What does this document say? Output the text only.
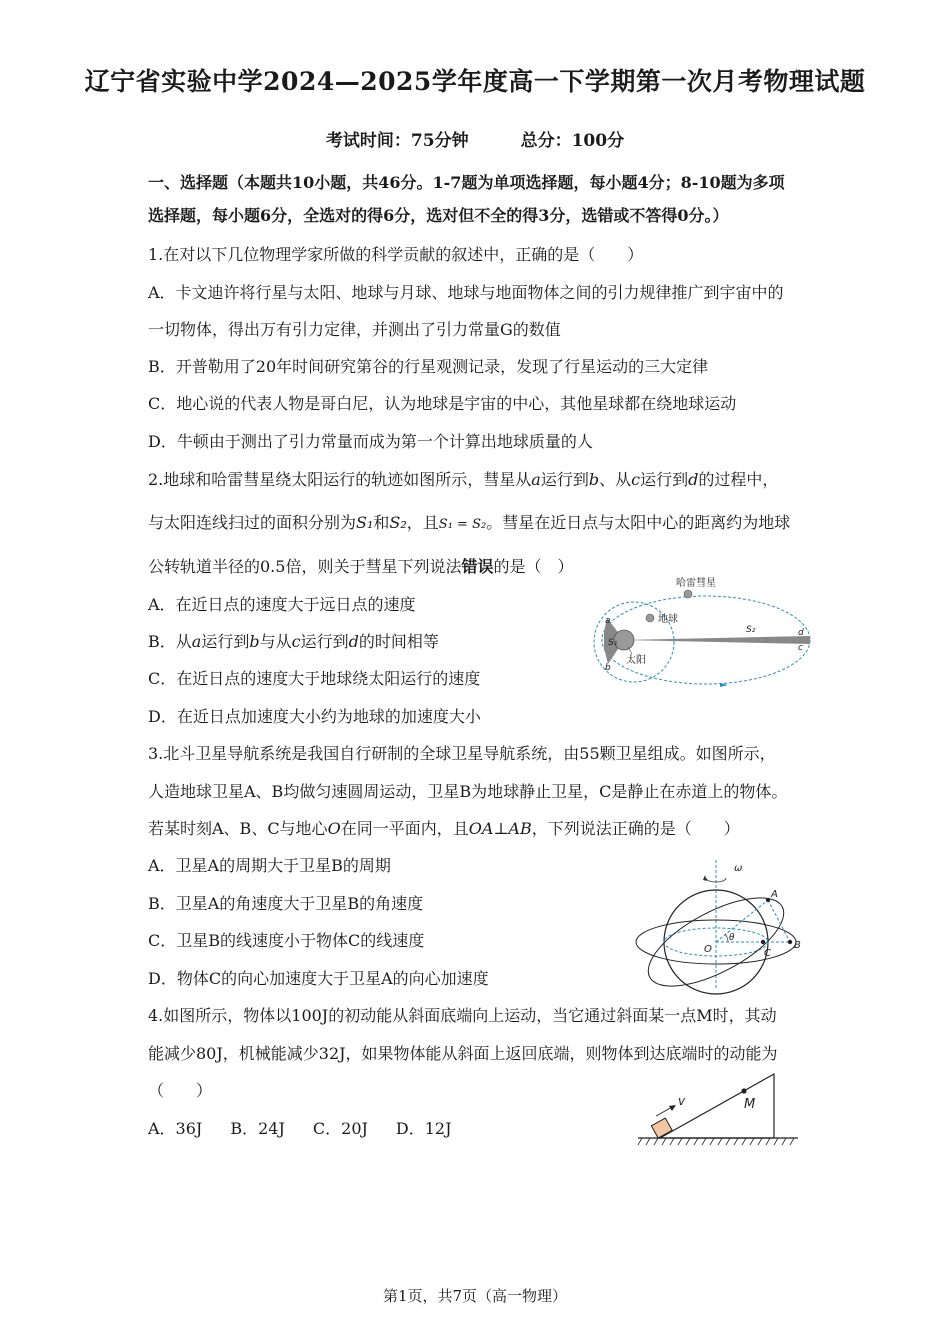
辽宁省实验中学2024—2025学年度高一下学期第一次月考物理试题
考试时间：75分钟	总分：100分
一、选择题（本题共10小题，共46分。1-7题为单项选择题，每小题4分；8-10题为多项
选择题，每小题6分，全选对的得6分，选对但不全的得3分，选错或不答得0分。）
1.在对以下几位物理学家所做的科学贡献的叙述中，正确的是（　　）
A．卡文迪许将行星与太阳、地球与月球、地球与地面物体之间的引力规律推广到宇宙中的
一切物体，得出万有引力定律，并测出了引力常量G的数值
B．开普勒用了20年时间研究第谷的行星观测记录，发现了行星运动的三大定律
C．地心说的代表人物是哥白尼，认为地球是宇宙的中心，其他星球都在绕地球运动
D．牛顿由于测出了引力常量而成为第一个计算出地球质量的人
2.地球和哈雷彗星绕太阳运行的轨迹如图所示，彗星从a运行到b、从c运行到d的过程中，
与太阳连线扫过的面积分别为S₁和S₂，且S₁ = S₂。彗星在近日点与太阳中心的距离约为地球
公转轨道半径的0.5倍，则关于彗星下列说法错误的是（　）
A．在近日点的速度大于远日点的速度
B．从a运行到b与从c运行到d的时间相等
C．在近日点的速度大于地球绕太阳运行的速度
D．在近日点加速度大小约为地球的加速度大小
哈雷彗星
地球
太阳
S₁
S₂
a
b
d
c
3.北斗卫星导航系统是我国自行研制的全球卫星导航系统，由55颗卫星组成。如图所示，
人造地球卫星A、B均做匀速圆周运动，卫星B为地球静止卫星，C是静止在赤道上的物体。
若某时刻A、B、C与地心O在同一平面内，且OA⊥AB，下列说法正确的是（　　）
A．卫星A的周期大于卫星B的周期
B．卫星A的角速度大于卫星B的角速度
C．卫星B的线速度小于物体C的线速度
D．物体C的向心加速度大于卫星A的向心加速度
ω
A
B
C
O
θ
4.如图所示，物体以100J的初动能从斜面底端向上运动，当它通过斜面某一点M时，其动
能减少80J，机械能减少32J，如果物体能从斜面上返回底端，则物体到达底端时的动能为
（　　）
A．36J B．24J C．20J D．12J
v	M
第1页，共7页（高一物理）
